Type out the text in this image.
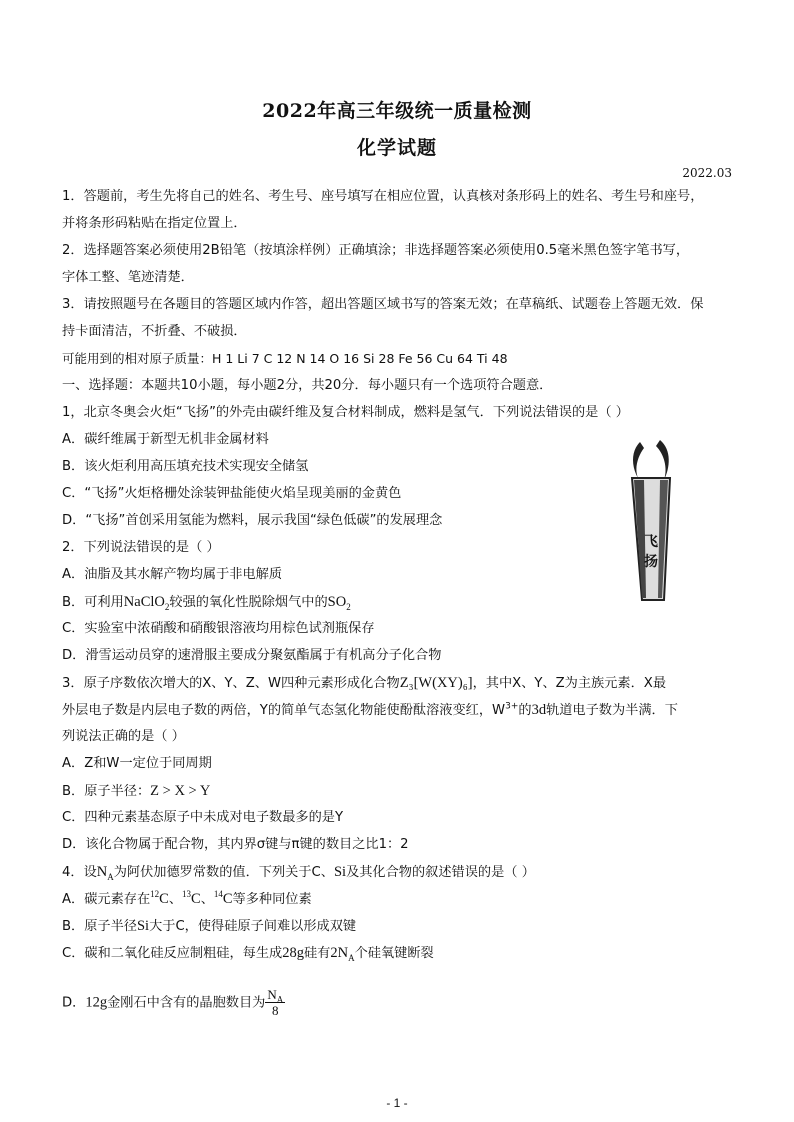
2022年高三年级统一质量检测
化学试题
2022.03
1．答题前，考生先将自己的姓名、考生号、座号填写在相应位置，认真核对条形码上的姓名、考生号和座号，
并将条形码粘贴在指定位置上．
2．选择题答案必须使用2B铅笔（按填涂样例）正确填涂；非选择题答案必须使用0.5毫米黑色签字笔书写，
字体工整、笔迹清楚．
3．请按照题号在各题目的答题区域内作答，超出答题区域书写的答案无效；在草稿纸、试题卷上答题无效．保
持卡面清洁，不折叠、不破损．
可能用到的相对原子质量：H 1 Li 7 C 12 N 14 O 16 Si 28 Fe 56 Cu 64 Ti 48
一、选择题：本题共10小题，每小题2分，共20分．每小题只有一个选项符合题意．
1，北京冬奥会火炬“飞扬”的外壳由碳纤维及复合材料制成，燃料是氢气．下列说法错误的是（ ）
A．碳纤维属于新型无机非金属材料
B．该火炬利用高压填充技术实现安全储氢
C．“飞扬”火炬格栅处涂装钾盐能使火焰呈现美丽的金黄色
D．“飞扬”首创采用氢能为燃料，展示我国“绿色低碳”的发展理念
飞
扬
2．下列说法错误的是（ ）
A．油脂及其水解产物均属于非电解质
B．可利用NaClO$_2$较强的氧化性脱除烟气中的$SO_2$
C．实验室中浓硝酸和硝酸银溶液均用棕色试剂瓶保存
D．滑雪运动员穿的速滑服主要成分聚氨酯属于有机高分子化合物
3．原子序数依次增大的X、Y、Z、W四种元素形成化合物Z₃[W(XY)₆]，其中X、Y、Z为主族元素．X最
外层电子数是内层电子数的两倍，Y的简单气态氢化物能使酚酞溶液变红，$W^{3+}$的3d轨道电子数为半满．下
列说法正确的是（ ）
A．Z和W一定位于同周期
B．原子半径：Z > X > Y
C．四种元素基态原子中未成对电子数最多的是Y
D．该化合物属于配合物，其内界σ键与π键的数目之比1：2
4．设$N_A$为阿伏加德罗常数的值．下列关于C、Si及其化合物的叙述错误的是（ ）
A．碳元素存在$^{12}$C、$^{13}$C、$^{14}$C等多种同位素
B．原子半径Si大于C，使得硅原子间难以形成双键
C．碳和二氧化硅反应制粗硅，每生成28g硅有$2N_A$个硅氧键断裂
D．12g金刚石中含有的晶胞数目为 $\frac{N_A}{8}$
- 1 -
